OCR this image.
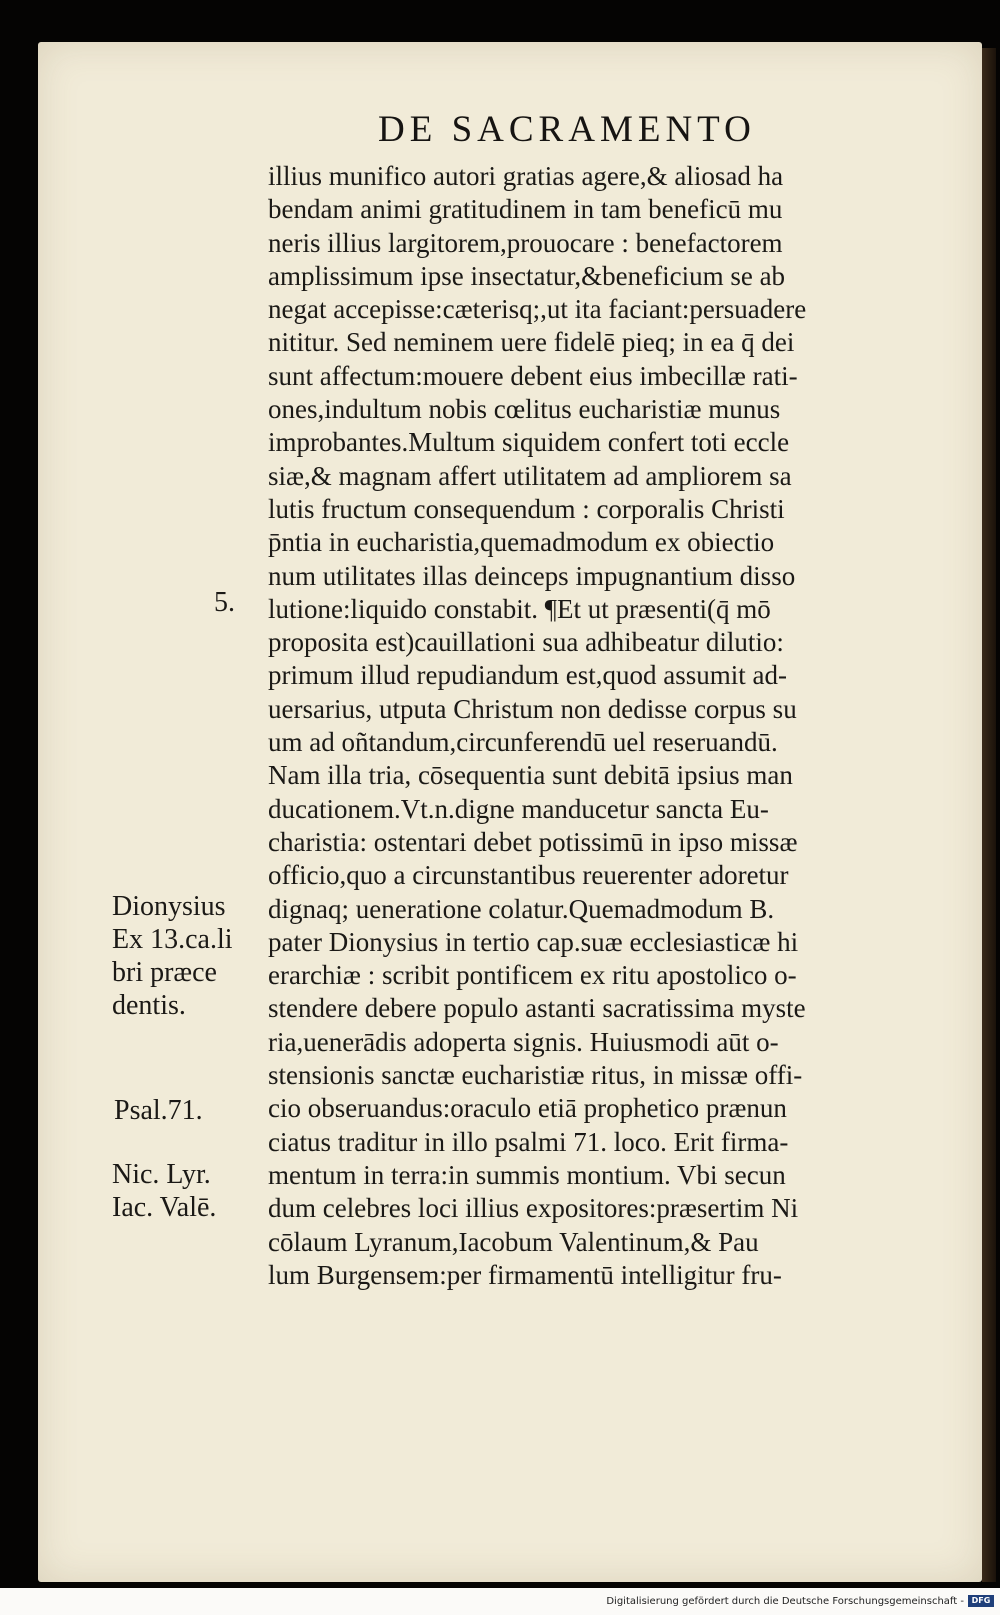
DE SACRAMENTO
illius munifico autori gratias agere,& aliosad ha
bendam animi gratitudinem in tam beneficū mu
neris illius largitorem,prouocare : benefactorem
amplissimum ipse insectatur,&beneficium se ab
negat accepisse:cæterisq;,ut ita faciant:persuadere
nititur. Sed neminem uere fidelē pieq; in ea q̄ dei
sunt affectum:mouere debent eius imbecillæ rati-
ones,indultum nobis cœlitus eucharistiæ munus
improbantes.Multum siquidem confert toti eccle
siæ,& magnam affert utilitatem ad ampliorem sa
lutis fructum consequendum : corporalis Christi
p̄ntia in eucharistia,quemadmodum ex obiectio
num utilitates illas deinceps impugnantium disso
lutione:liquido constabit. ¶Et ut præsenti(q̄ mō
proposita est)cauillationi sua adhibeatur dilutio:
primum illud repudiandum est,quod assumit ad-
uersarius, utputa Christum non dedisse corpus su
um ad oñtandum,circunferendū uel reseruandū.
Nam illa tria, cōsequentia sunt debitā ipsius man
ducationem.Vt.n.digne manducetur sancta Eu-
charistia: ostentari debet potissimū in ipso missæ
officio,quo a circunstantibus reuerenter adoretur
dignaq; ueneratione colatur.Quemadmodum B.
pater Dionysius in tertio cap.suæ ecclesiasticæ hi
erarchiæ : scribit pontificem ex ritu apostolico o-
stendere debere populo astanti sacratissima myste
ria,uenerādis adoperta signis. Huiusmodi aūt o-
stensionis sanctæ eucharistiæ ritus, in missæ offi-
cio obseruandus:oraculo etiā prophetico prænun
ciatus traditur in illo psalmi 71. loco. Erit firma-
mentum in terra:in summis montium. Vbi secun
dum celebres loci illius expositores:præsertim Ni
cōlaum Lyranum,Iacobum Valentinum,& Pau
lum Burgensem:per firmamentū intelligitur fru-
5.
Dionysius
Ex 13.ca.li
bri præce
dentis.
Psal.71.
Nic. Lyr.
Iac. Valē.
Digitalisierung gefördert durch die Deutsche Forschungsgemeinschaft - DFG
